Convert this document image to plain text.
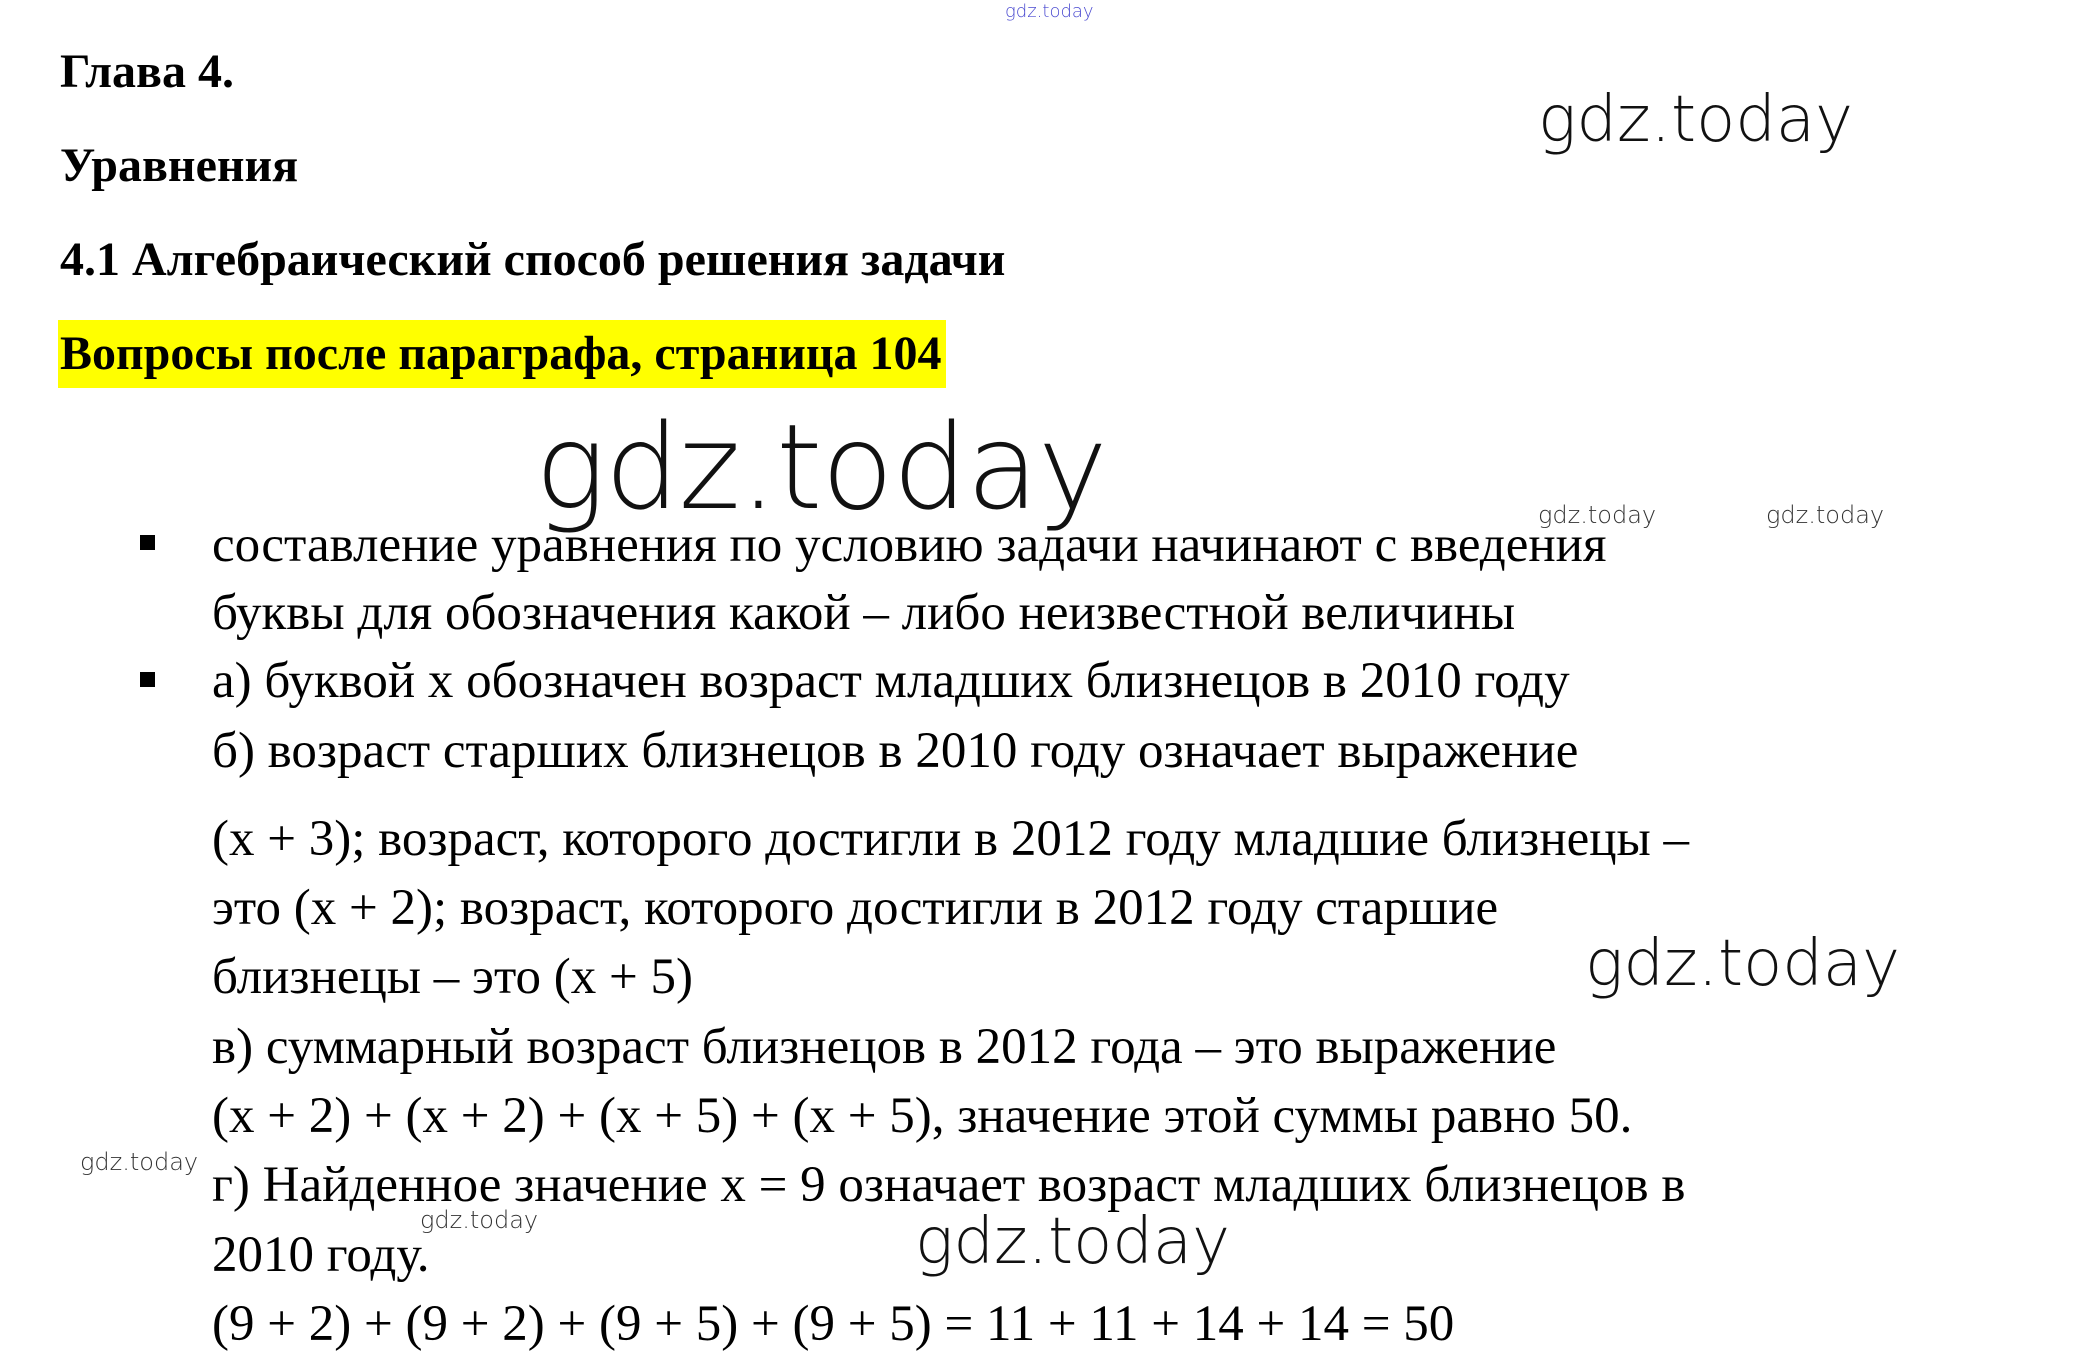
gdz.today
Глава 4.
Уравнения
4.1 Алгебраический способ решения задачи
Вопросы после параграфа, страница 104
gdz.today
gdz.today	gdz.today	gdz.today
составление уравнения по условию задачи начинают с введения
буквы для обозначения какой – либо неизвестной величины
а) буквой х обозначен возраст младших близнецов в 2010 году
б) возраст старших близнецов в 2010 году означает выражение
(х + 3); возраст, которого достигли в 2012 году младшие близнецы –
это (х + 2); возраст, которого достигли в 2012 году старшие
близнецы – это (х + 5)
в) суммарный возраст близнецов в 2012 года – это выражение
(х + 2) + (х + 2) + (х + 5) + (х + 5), значение этой суммы равно 50.
г) Найденное значение х = 9 означает возраст младших близнецов в
2010 году.
(9 + 2) + (9 + 2) + (9 + 5) + (9 + 5) = 11 + 11 + 14 + 14 = 50
gdz.today
gdz.today
gdz.today	gdz.today
